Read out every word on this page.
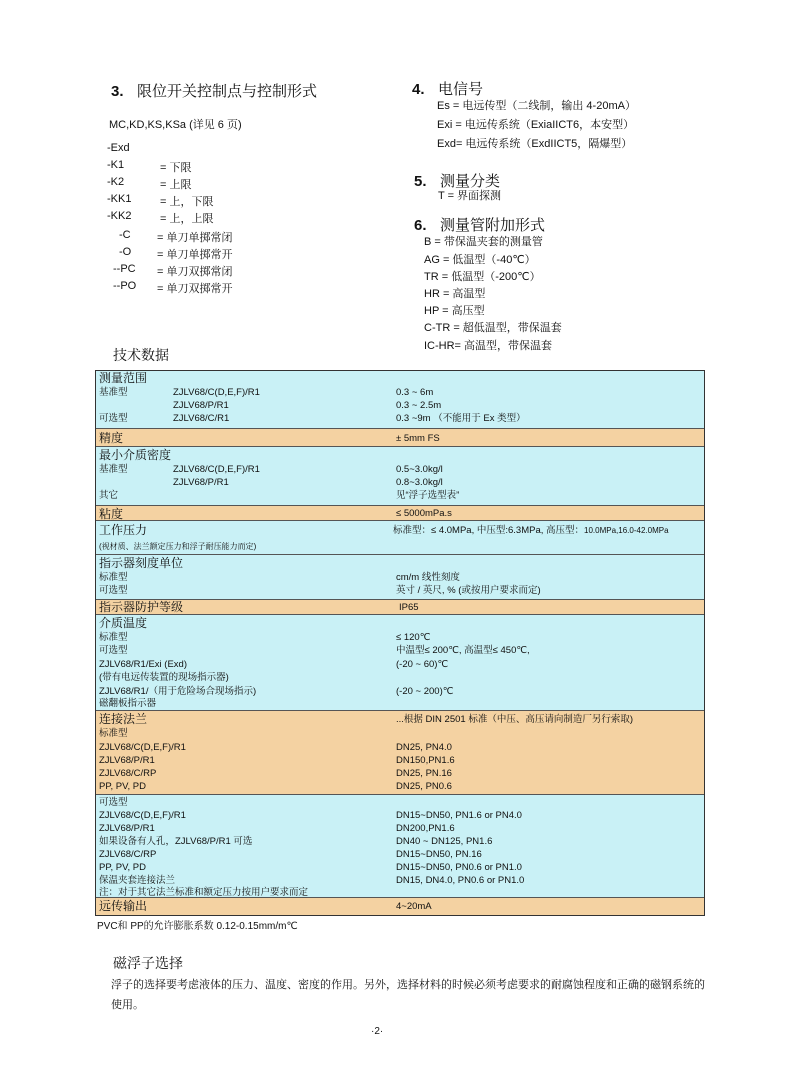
3. 限位开关控制点与控制形式
MC,KD,KS,KSa (详见 6 页)
-Exd
-K1	= 下限
-K2	= 上限
-KK1	= 上，下限
-KK2	= 上，上限
-C = 单刀单掷常闭
-O = 单刀单掷常开
--PC = 单刀双掷常闭
--PO = 单刀双掷常开
4. 电信号
Es = 电远传型（二线制，输出 4-20mA）
Exi = 电远传系统（ExiaIICT6，本安型）
Exd= 电远传系统（ExdIICT5，隔爆型）
5. 测量分类
T = 界面探测
6. 测量管附加形式
B = 带保温夹套的测量管
AG = 低温型（-40℃）
TR = 低温型（-200℃）
HR = 高温型
HP = 高压型
C-TR = 超低温型，带保温套
IC-HR= 高温型，带保温套
技术数据
测量范围
基准型	ZJLV68/C(D,E,F)/R1	0.3 ~ 6m
ZJLV68/P/R1	0.3 ~ 2.5m
可选型	ZJLV68/C/R1	0.3 ~9m （不能用于 Ex 类型）
精度	± 5mm FS
最小介质密度
基准型	ZJLV68/C(D,E,F)/R1	0.5~3.0kg/l
ZJLV68/P/R1	0.8~3.0kg/l
其它	见“浮子选型表”
粘度	≤ 5000mPa.s
工作压力	标准型：≤ 4.0MPa, 中压型:6.3MPa, 高压型：10.0MPa,16.0-42.0MPa
(视材质、法兰额定压力和浮子耐压能力而定)
指示器刻度单位
标准型	cm/m 线性刻度
可选型	英寸 / 英尺, % (或按用户要求而定)
指示器防护等级	IP65
介质温度
标准型	≤ 120℃
可选型	中温型≤ 200℃, 高温型≤ 450℃,
ZJLV68/R1/Exi (Exd)	(-20 ~ 60)℃
(带有电远传装置的现场指示器)
ZJLV68/R1/（用于危险场合现场指示)	(-20 ~ 200)℃
磁翻板指示器
连接法兰	...根据 DIN 2501 标准（中压、高压请向制造厂另行索取)
标准型
ZJLV68/C(D,E,F)/R1	DN25, PN4.0
ZJLV68/P/R1	DN150,PN1.6
ZJLV68/C/RP	DN25, PN.16
PP, PV, PD	DN25, PN0.6
可选型
ZJLV68/C(D,E,F)/R1	DN15~DN50, PN1.6 or PN4.0
ZJLV68/P/R1	DN200,PN1.6
如果设备有人孔，ZJLV68/P/R1 可选	DN40 ~ DN125, PN1.6
ZJLV68/C/RP	DN15~DN50, PN.16
PP, PV, PD	DN15~DN50, PN0.6 or PN1.0
保温夹套连接法兰	DN15, DN4.0, PN0.6 or PN1.0
注：对于其它法兰标准和额定压力按用户要求而定
远传输出	4~20mA
PVC和 PP的允许膨胀系数 0.12-0.15mm/m℃
磁浮子选择
浮子的选择要考虑液体的压力、温度、密度的作用。另外，选择材料的时候必须考虑要求的耐腐蚀程度和正确的磁钢系统的使用。
·2·
